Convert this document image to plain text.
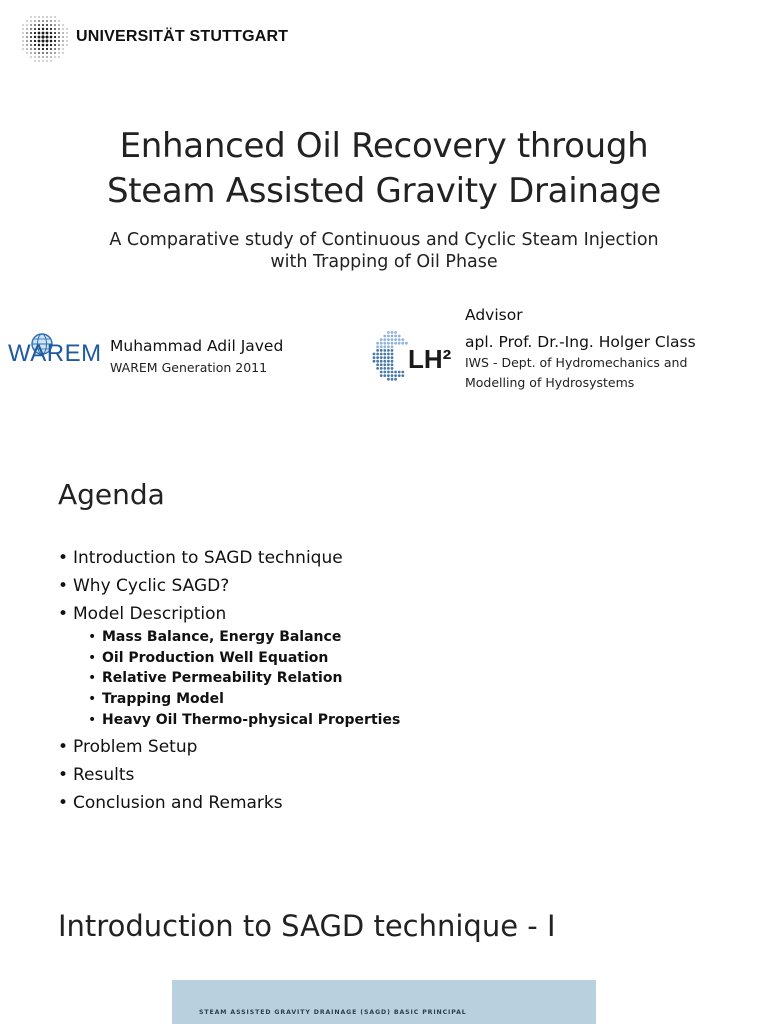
UNIVERSITÄT STUTTGART
Enhanced Oil Recovery through
Steam Assisted Gravity Drainage
A Comparative study of Continuous and Cyclic Steam Injection
with Trapping of Oil Phase
WAREM Muhammad Adil Javed
WAREM Generation 2011	LH²
Advisor
apl. Prof. Dr.-Ing. Holger Class
IWS - Dept. of Hydromechanics and
Modelling of Hydrosystems
Agenda
• Introduction to SAGD technique
• Why Cyclic SAGD?
• Model Description
• Mass Balance, Energy Balance
• Oil Production Well Equation
• Relative Permeability Relation
• Trapping Model
• Heavy Oil Thermo-physical Properties
• Problem Setup
• Results
• Conclusion and Remarks
Introduction to SAGD technique - I
STEAM ASSISTED GRAVITY DRAINAGE (SAGD) BASIC PRINCIPAL
